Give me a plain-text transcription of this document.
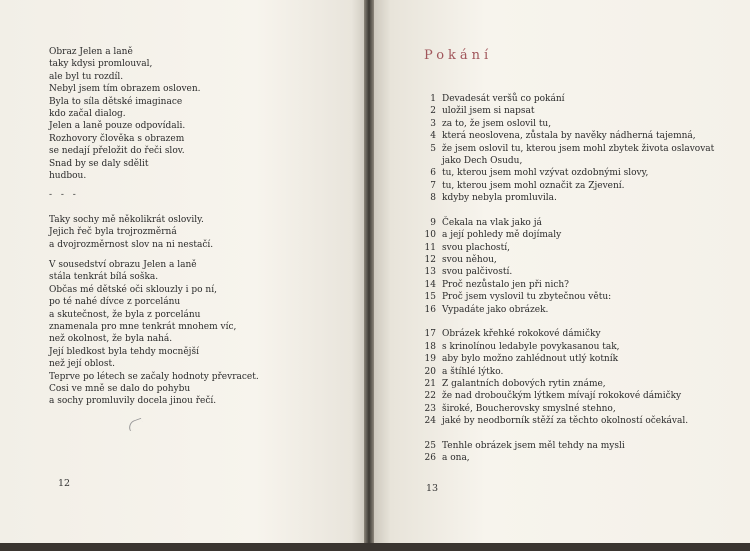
Obraz Jelen a laně
taky kdysi promlouval,
ale byl tu rozdíl.
Nebyl jsem tím obrazem osloven.
Byla to síla dětské imaginace
kdo začal dialog.
Jelen a laně pouze odpovídali.
Rozhovory člověka s obrazem
se nedají přeložit do řeči slov.
Snad by se daly sdělit
hudbou.
- - -
Taky sochy mě několikrát oslovily.
Jejich řeč byla trojrozměrná
a dvojrozměrnost slov na ni nestačí.
V sousedství obrazu Jelen a laně
stála tenkrát bílá soška.
Občas mé dětské oči sklouzly i po ní,
po té nahé dívce z porcelánu
a skutečnost, že byla z porcelánu
znamenala pro mne tenkrát mnohem víc,
než okolnost, že byla nahá.
Její bledkost byla tehdy mocnější
než její oblost.
Teprve po létech se začaly hodnoty převracet.
Cosi ve mně se dalo do pohybu
a sochy promluvily docela jinou řečí.
12
Pokání
1 Devadesát veršů co pokání
2 uložil jsem si napsat
3 za to, že jsem oslovil tu,
4 která neoslovena, zůstala by navěky nádherná tajemná,
5 že jsem oslovil tu, kterou jsem mohl zbytek života oslavovat
jako Dech Osudu,
6 tu, kterou jsem mohl vzývat ozdobnými slovy,
7 tu, kterou jsem mohl označit za Zjevení.
8 kdyby nebyla promluvila.
9 Čekala na vlak jako já
10 a její pohledy mě dojímaly
11 svou plachostí,
12 svou něhou,
13 svou palčivostí.
14 Proč nezůstalo jen při nich?
15 Proč jsem vyslovil tu zbytečnou větu:
16 Vypadáte jako obrázek.
17 Obrázek křehké rokokové dámičky
18 s krinolínou ledabyle povykasanou tak,
19 aby bylo možno zahlédnout utlý kotník
20 a štíhlé lýtko.
21 Z galantních dobových rytin známe,
22 že nad droboučkým lýtkem mívají rokokové dámičky
23 široké, Boucherovsky smyslné stehno,
24 jaké by neodborník stěží za těchto okolností očekával.
25 Tenhle obrázek jsem měl tehdy na mysli
26 a ona,
13
